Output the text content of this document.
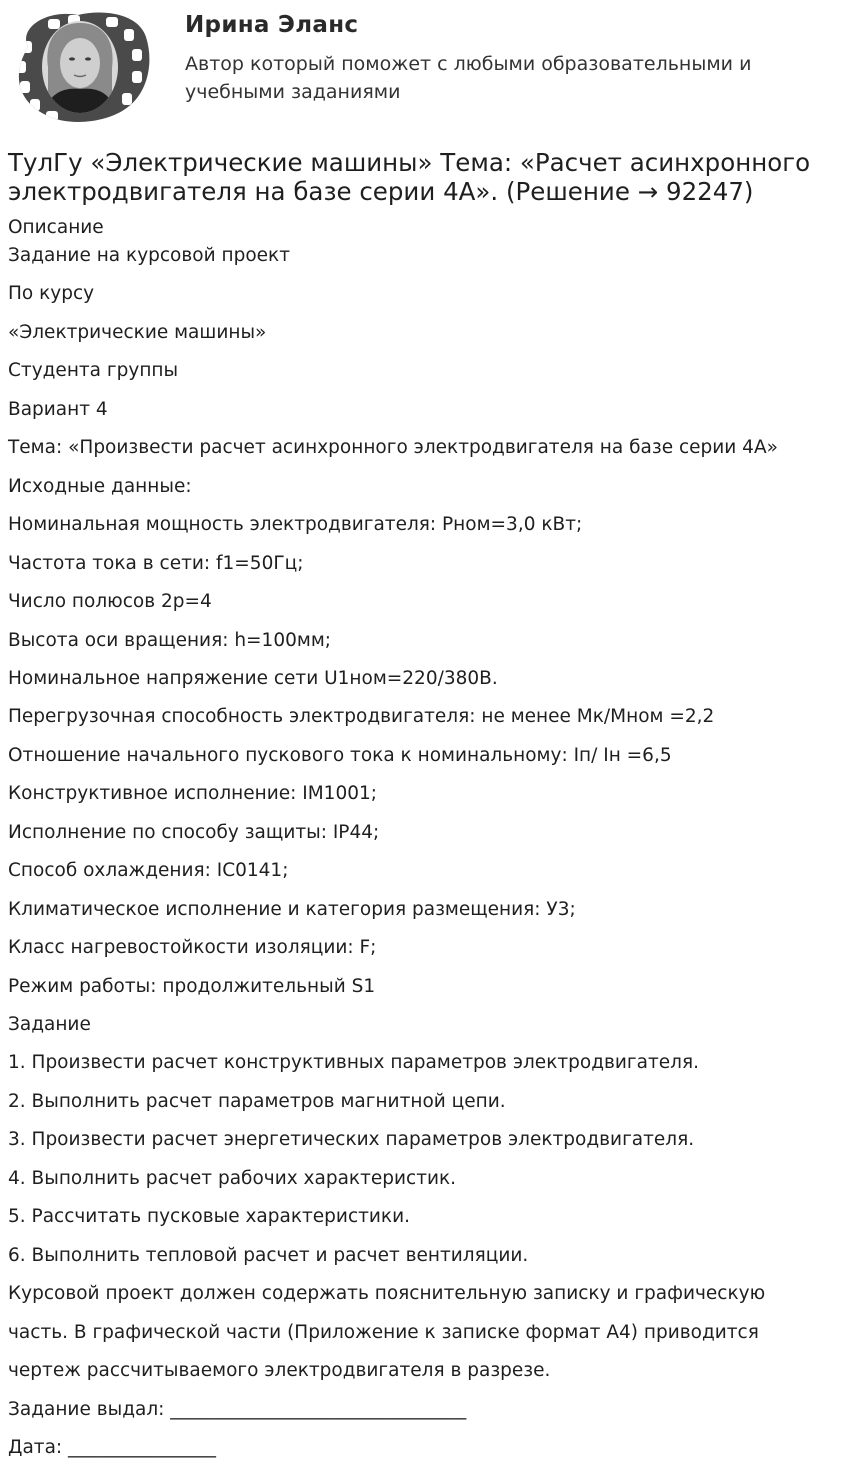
Ирина Эланс
Автор который поможет с любыми образовательными и
учебными заданиями
ТулГу «Электрические машины» Тема: «Расчет асинхронного
электродвигателя на базе серии 4А». (Решение → 92247)
Описание
Задание на курсовой проект
По курсу
«Электрические машины»
Студента группы
Вариант 4
Тема: «Произвести расчет асинхронного электродвигателя на базе серии 4А»
Исходные данные:
Номинальная мощность электродвигателя: Рном=3,0 кВт;
Частота тока в сети: f1=50Гц;
Число полюсов 2р=4
Высота оси вращения: h=100мм;
Номинальное напряжение сети U1ном=220/380В.
Перегрузочная способность электродвигателя: не менее Мк/Мном =2,2
Отношение начального пускового тока к номинальному: Iп/ Iн =6,5
Конструктивное исполнение: IM1001;
Исполнение по способу защиты: IP44;
Способ охлаждения: IC0141;
Климатическое исполнение и категория размещения: У3;
Класс нагревостойкости изоляции: F;
Режим работы: продолжительный S1
Задание
1. Произвести расчет конструктивных параметров электродвигателя.
2. Выполнить расчет параметров магнитной цепи.
3. Произвести расчет энергетических параметров электродвигателя.
4. Выполнить расчет рабочих характеристик.
5. Рассчитать пусковые характеристики.
6. Выполнить тепловой расчет и расчет вентиляции.
Курсовой проект должен содержать пояснительную записку и графическую
часть. В графической части (Приложение к записке формат А4) приводится
чертеж рассчитываемого электродвигателя в разрезе.
Задание выдал: ________________________________
Дата: ________________
